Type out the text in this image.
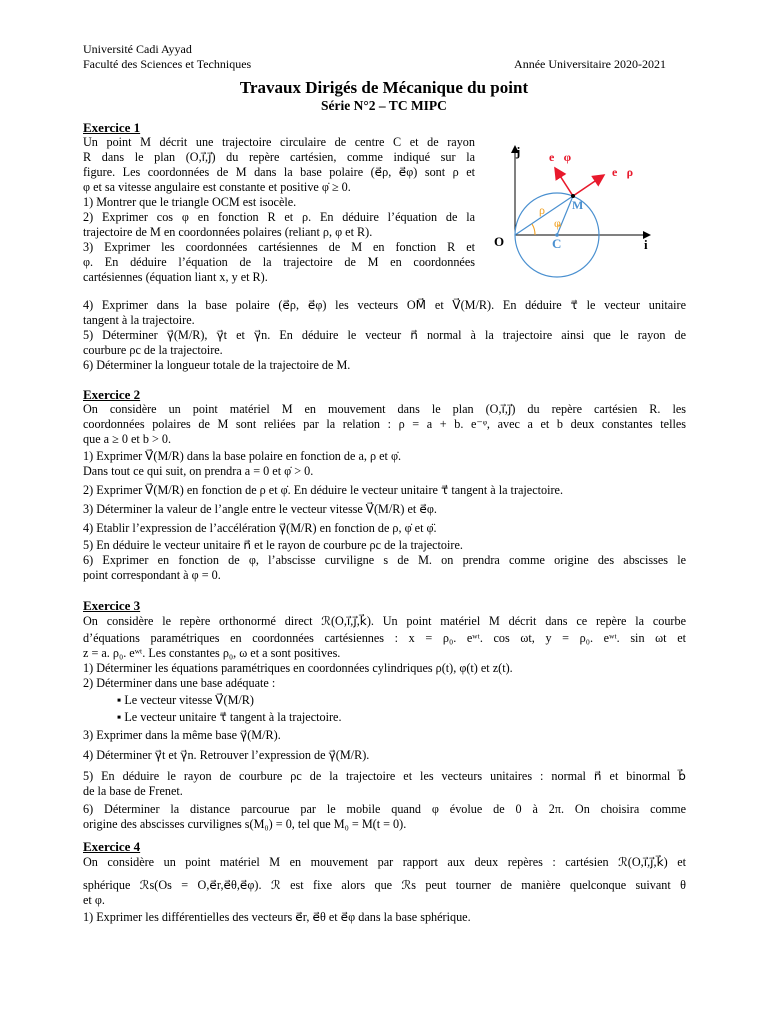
Université Cadi Ayyad
Faculté des Sciences et Techniques	Année Universitaire 2020-2021
Travaux Dirigés de Mécanique du point
Série N°2 – TC MIPC
Exercice 1
Un point M décrit une trajectoire circulaire de centre C et de rayon
R dans le plan (O,i⃗,j⃗) du repère cartésien, comme indiqué sur la
figure. Les coordonnées de M dans la base polaire (e⃗ρ, e⃗φ) sont ρ et
φ et sa vitesse angulaire est constante et positive φ̇ ≥ 0.
1) Montrer que le triangle OCM est isocèle.
2) Exprimer cos φ en fonction R et ρ. En déduire l’équation de la
trajectoire de M en coordonnées polaires (reliant ρ, φ et R).
3) Exprimer les coordonnées cartésiennes de M en fonction R et
φ. En déduire l’équation de la trajectoire de M en coordonnées
cartésiennes (équation liant x, y et R).
4) Exprimer dans la base polaire (e⃗ρ, e⃗φ) les vecteurs OM⃗ et V⃗(M/R). En déduire τ⃗ le vecteur unitaire
tangent à la trajectoire.
5) Déterminer γ⃗(M/R), γ⃗t et γ⃗n. En déduire le vecteur n⃗ normal à la trajectoire ainsi que le rayon de
courbure ρc de la trajectoire.
6) Déterminer la longueur totale de la trajectoire de M.
j⃗
i⃗
O	C
M
ρ
φ
e⃗φ
e⃗ρ
Exercice 2
On considère un point matériel M en mouvement dans le plan (O,i⃗,j⃗) du repère cartésien R. les
coordonnées polaires de M sont reliées par la relation : ρ = a + b. e⁻ᵠ, avec a et b deux constantes telles
que a ≥ 0 et b > 0.
1) Exprimer V⃗(M/R) dans la base polaire en fonction de a, ρ et φ̇.
Dans tout ce qui suit, on prendra a = 0 et φ̇ > 0.
2) Exprimer V⃗(M/R) en fonction de ρ et φ̇. En déduire le vecteur unitaire τ⃗ tangent à la trajectoire.
3) Déterminer la valeur de l’angle entre le vecteur vitesse V⃗(M/R) et e⃗φ.
4) Etablir l’expression de l’accélération γ⃗(M/R) en fonction de ρ, φ̇ et φ̈.
5) En déduire le vecteur unitaire n⃗ et le rayon de courbure ρc de la trajectoire.
6) Exprimer en fonction de φ, l’abscisse curviligne s de M. on prendra comme origine des abscisses le
point correspondant à φ = 0.
Exercice 3
On considère le repère orthonormé direct ℛ(O,i⃗,j⃗,k⃗). Un point matériel M décrit dans ce repère la courbe
d’équations paramétriques en coordonnées cartésiennes : x = ρ₀. eʷᵗ. cos ωt, y = ρ₀. eʷᵗ. sin ωt et
z = a. ρ₀. eʷᵗ. Les constantes ρ₀, ω et a sont positives.
1) Déterminer les équations paramétriques en coordonnées cylindriques ρ(t), φ(t) et z(t).
2) Déterminer dans une base adéquate :
▪ Le vecteur vitesse V⃗(M/R)
▪ Le vecteur unitaire τ⃗ tangent à la trajectoire.
3) Exprimer dans la même base γ⃗(M/R).
4) Déterminer γ⃗t et γ⃗n. Retrouver l’expression de γ⃗(M/R).
5) En déduire le rayon de courbure ρc de la trajectoire et les vecteurs unitaires : normal n⃗ et binormal b⃗
de la base de Frenet.
6) Déterminer la distance parcourue par le mobile quand φ évolue de 0 à 2π. On choisira comme
origine des abscisses curvilignes s(M₀) = 0, tel que M₀ = M(t = 0).
Exercice 4
On considère un point matériel M en mouvement par rapport aux deux repères : cartésien ℛ(O,i⃗,j⃗,k⃗) et
sphérique ℛs(Os = O,e⃗r,e⃗θ,e⃗φ). ℛ est fixe alors que ℛs peut tourner de manière quelconque suivant θ
et φ.
1) Exprimer les différentielles des vecteurs e⃗r, e⃗θ et e⃗φ dans la base sphérique.
